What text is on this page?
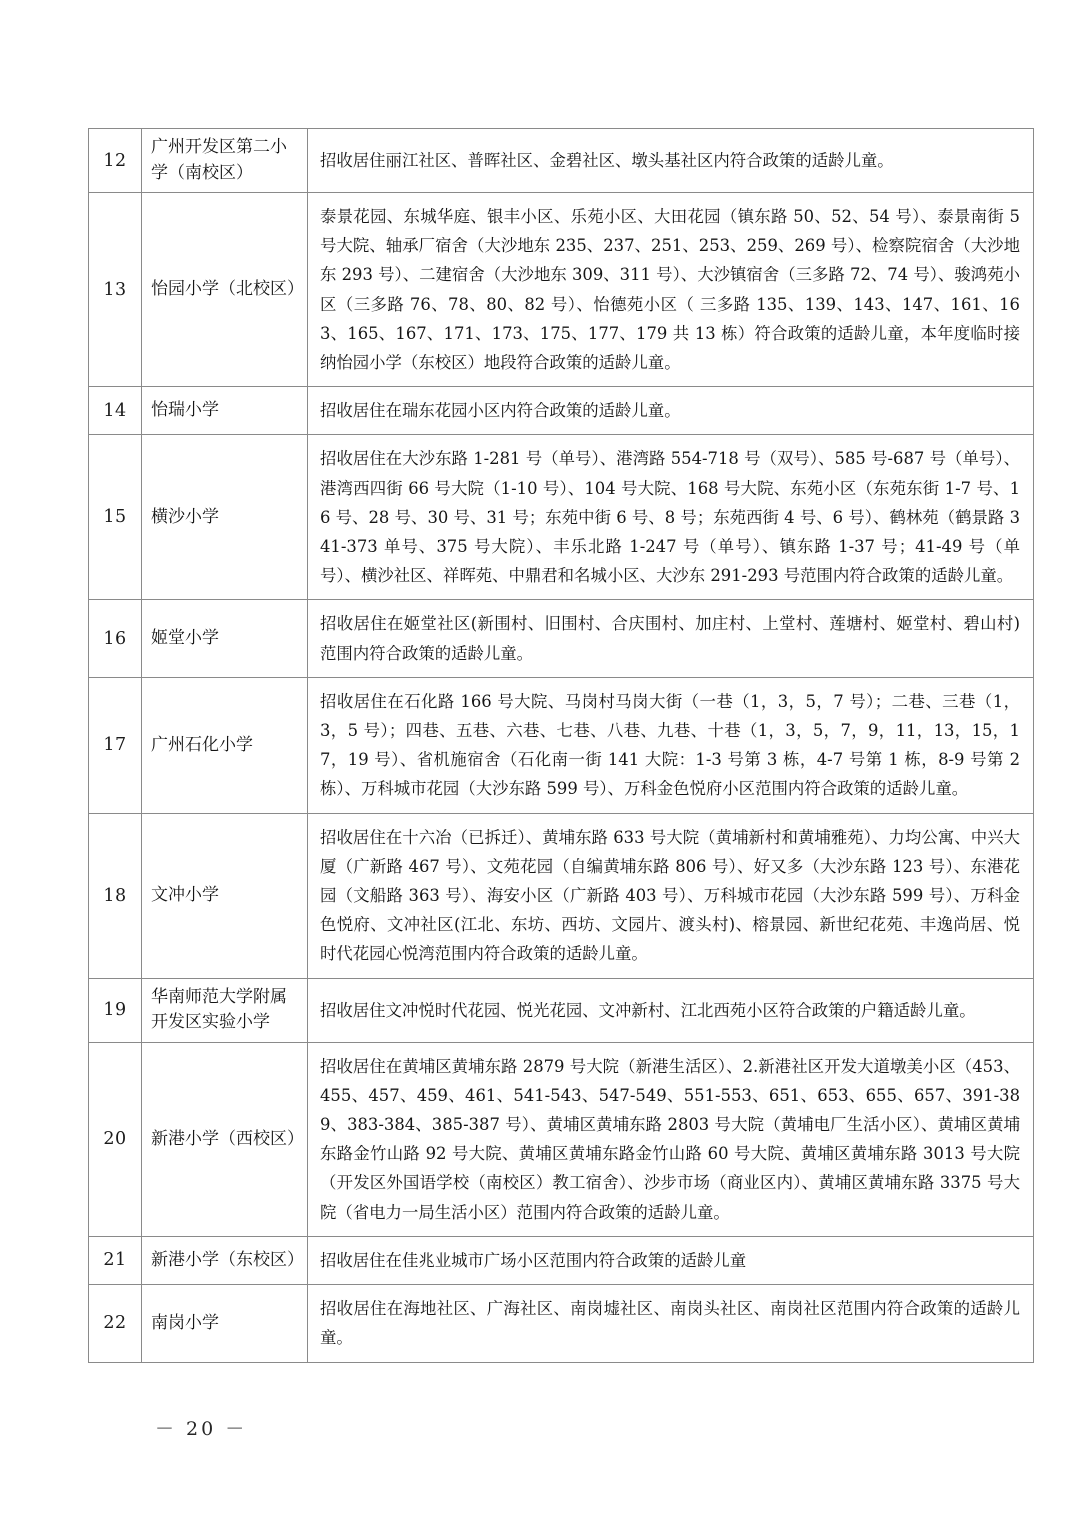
12	广州开发区第二小学（南校区）	招收居住丽江社区、普晖社区、金碧社区、墩头基社区内符合政策的适龄儿童。

13	怡园小学（北校区）	泰景花园、东城华庭、银丰小区、乐苑小区、大田花园（镇东路 50、52、54 号）、泰景南街 5 号大院、轴承厂宿舍（大沙地东 235、237、251、253、259、269 号）、检察院宿舍（大沙地东 293 号）、二建宿舍（大沙地东 309、311 号）、大沙镇宿舍（三多路 72、74 号）、骏鸿苑小区（三多路 76、78、80、82 号）、怡德苑小区（ 三多路 135、139、143、147、161、163、165、167、171、173、175、177、179 共 13 栋）符合政策的适龄儿童，本年度临时接纳怡园小学（东校区）地段符合政策的适龄儿童。

14	怡瑞小学	招收居住在瑞东花园小区内符合政策的适龄儿童。

15	横沙小学	招收居住在大沙东路 1-281 号（单号）、港湾路 554-718 号（双号）、585 号-687 号（单号）、港湾西四街 66 号大院（1-10 号）、104 号大院、168 号大院、东苑小区（东苑东街 1-7 号、16 号、28 号、30 号、31 号；东苑中街 6 号、8 号；东苑西街 4 号、6 号）、鹤林苑（鹤景路 341-373 单号、375 号大院）、丰乐北路 1-247 号（单号）、镇东路 1-37 号；41-49 号（单号）、横沙社区、祥晖苑、中鼎君和名城小区、大沙东 291-293 号范围内符合政策的适龄儿童。

16	姬堂小学	招收居住在姬堂社区(新围村、旧围村、合庆围村、加庄村、上堂村、莲塘村、姬堂村、碧山村)范围内符合政策的适龄儿童。

17	广州石化小学	招收居住在石化路 166 号大院、马岗村马岗大街（一巷（1，3，5，7 号）；二巷、三巷（1，3，5 号）；四巷、五巷、六巷、七巷、八巷、九巷、十巷（1，3，5，7，9，11，13，15，17，19 号）、省机施宿舍（石化南一街 141 大院：1-3 号第 3 栋，4-7 号第 1 栋，8-9 号第 2 栋）、万科城市花园（大沙东路 599 号）、万科金色悦府小区范围内符合政策的适龄儿童。

18	文冲小学	招收居住在十六冶（已拆迁）、黄埔东路 633 号大院（黄埔新村和黄埔雅苑）、力均公寓、中兴大厦（广新路 467 号）、文苑花园（自编黄埔东路 806 号）、好又多（大沙东路 123 号）、东港花园（文船路 363 号）、海安小区（广新路 403 号）、万科城市花园（大沙东路 599 号）、万科金色悦府、文冲社区(江北、东坊、西坊、文园片、渡头村)、榕景园、新世纪花苑、丰逸尚居、悦时代花园心悦湾范围内符合政策的适龄儿童。

19	华南师范大学附属开发区实验小学	招收居住文冲悦时代花园、悦光花园、文冲新村、江北西苑小区符合政策的户籍适龄儿童。

20	新港小学（西校区）	招收居住在黄埔区黄埔东路 2879 号大院（新港生活区）、2.新港社区开发大道墩美小区（453、455、457、459、461、541-543、547-549、551-553、651、653、655、657、391-389、383-384、385-387 号）、黄埔区黄埔东路 2803 号大院（黄埔电厂生活小区）、黄埔区黄埔东路金竹山路 92 号大院、黄埔区黄埔东路金竹山路 60 号大院、黄埔区黄埔东路 3013 号大院（开发区外国语学校（南校区）教工宿舍）、沙步市场（商业区内）、黄埔区黄埔东路 3375 号大院（省电力一局生活小区）范围内符合政策的适龄儿童。

21	新港小学（东校区）	招收居住在佳兆业城市广场小区范围内符合政策的适龄儿童

22	南岗小学	招收居住在海地社区、广海社区、南岗墟社区、南岗头社区、南岗社区范围内符合政策的适龄儿童。
－ 20 －
